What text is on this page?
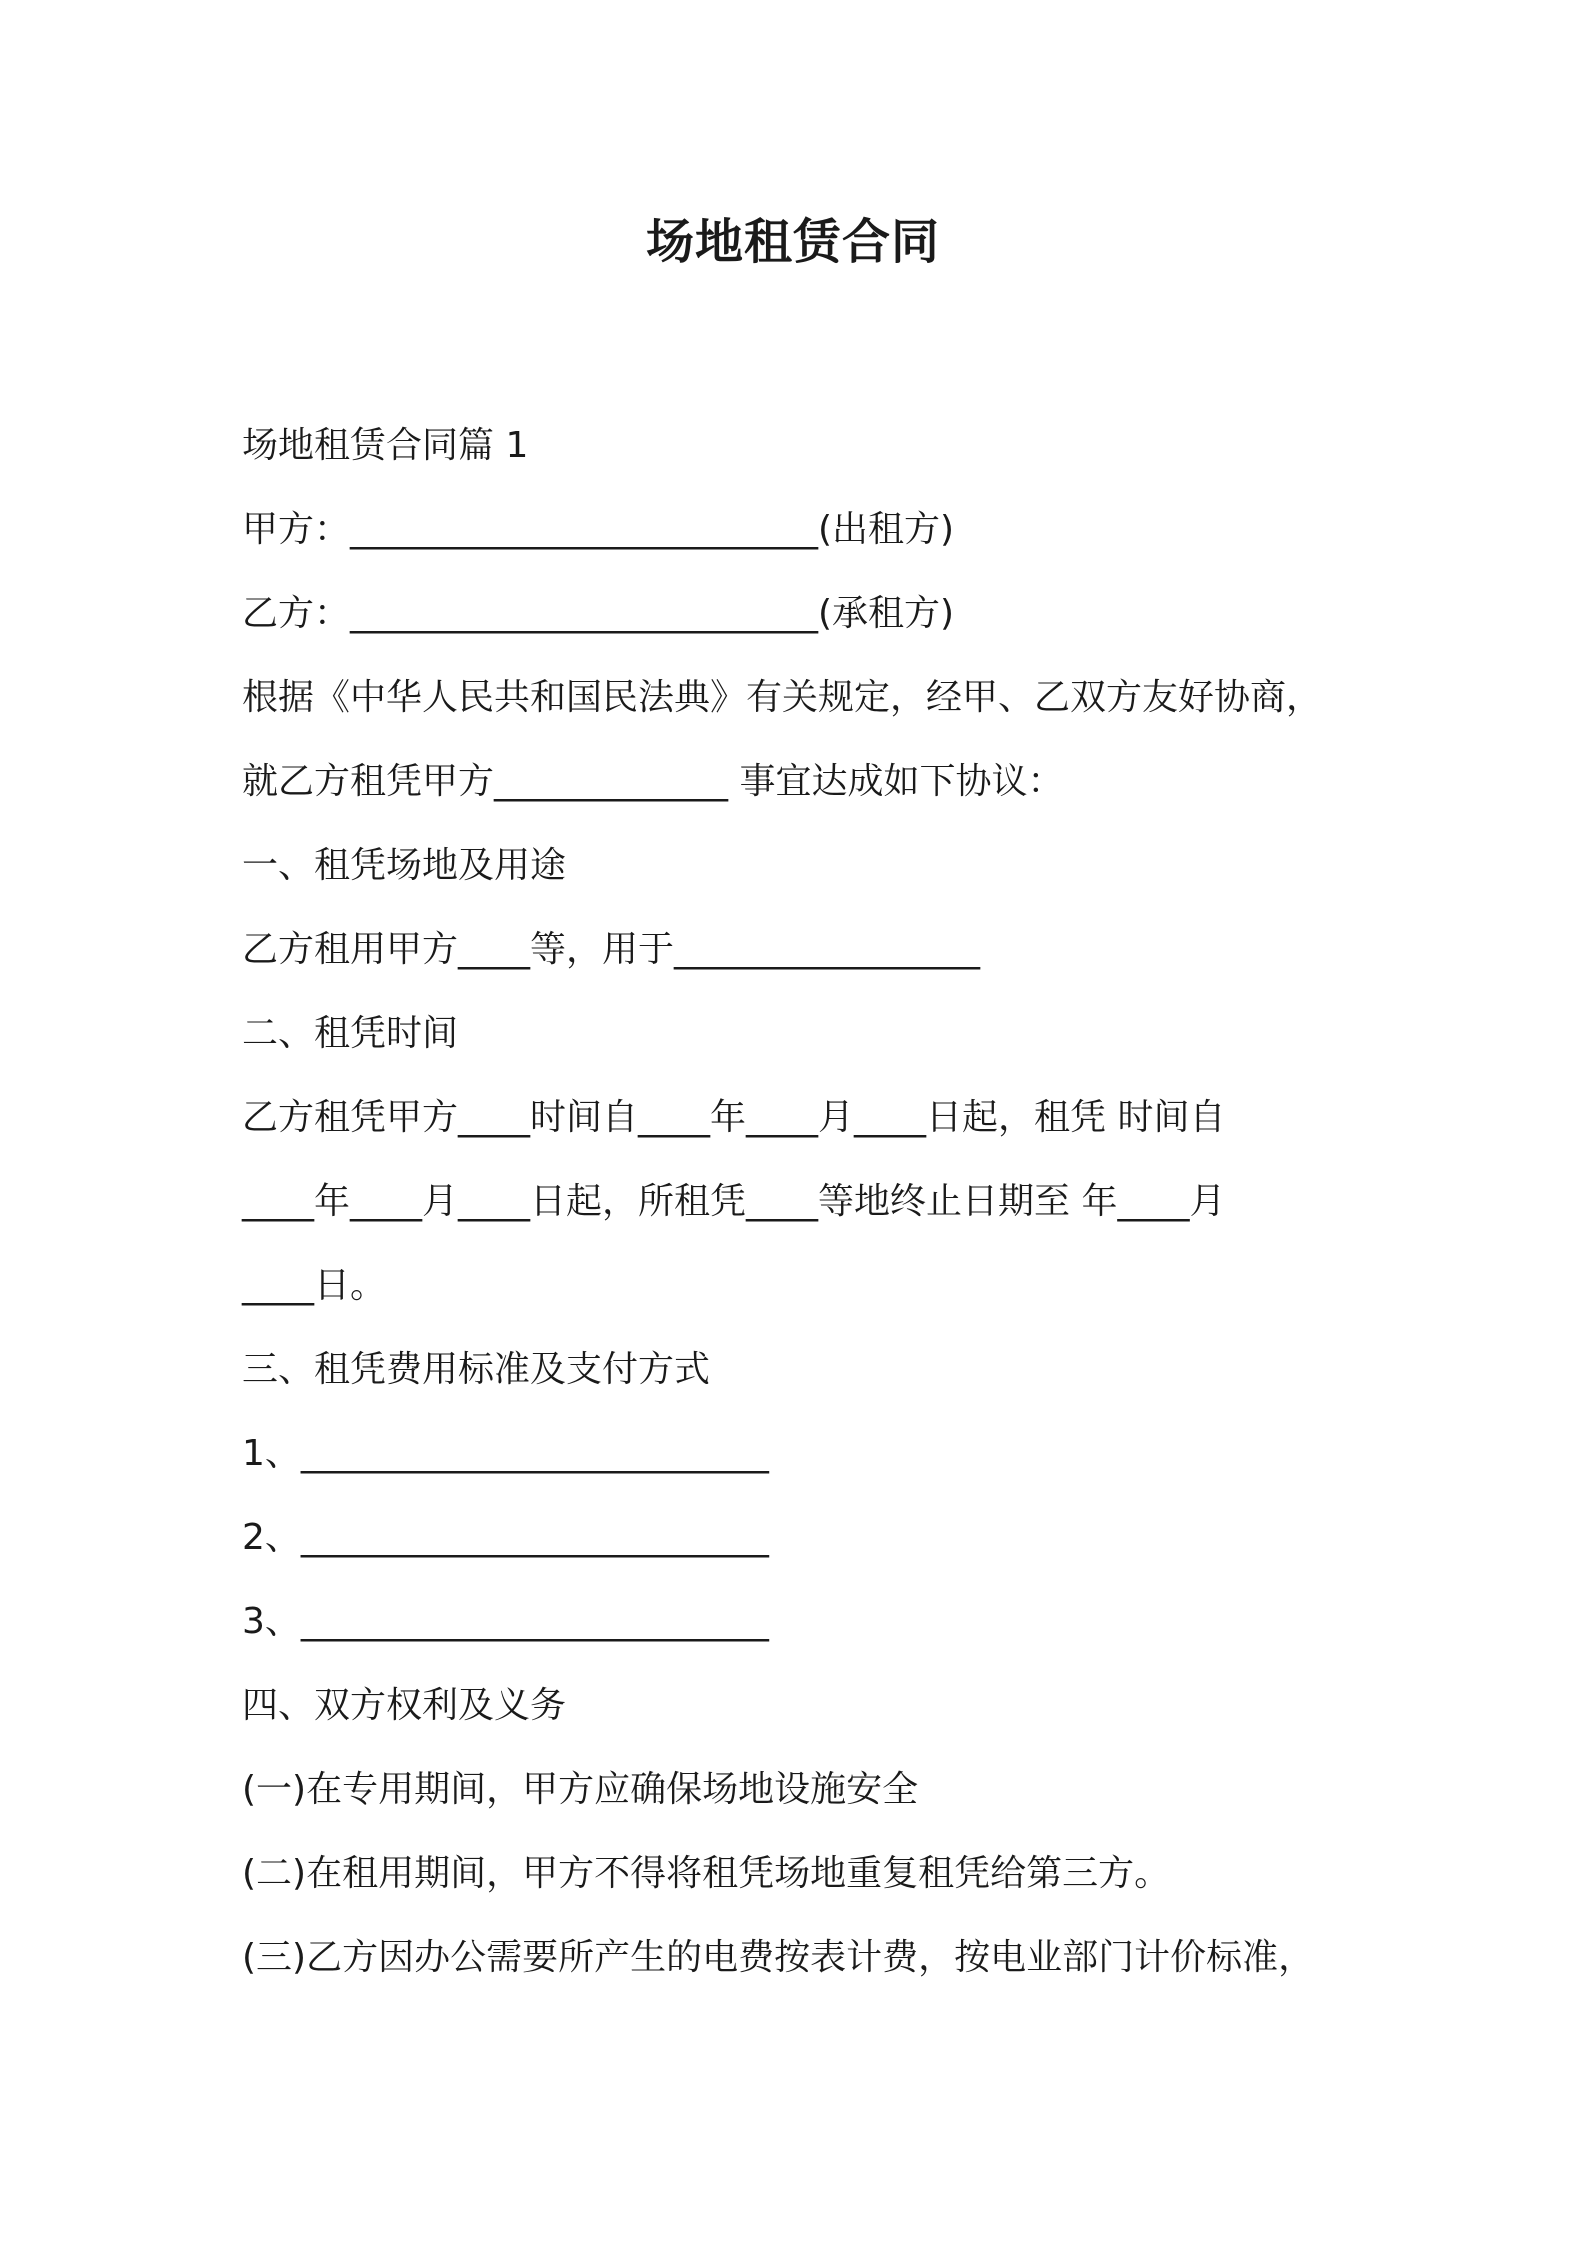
场地租赁合同
场地租赁合同篇 1
甲方：__________________________(出租方)
乙方：__________________________(承租方)
根据《中华人民共和国民法典》有关规定，经甲、乙双方友好协商，
就乙方租凭甲方_____________ 事宜达成如下协议：
一、租凭场地及用途
乙方租用甲方____等，用于_________________
二、租凭时间
乙方租凭甲方____时间自____年____月____日起，租凭 时间自
____年____月____日起，所租凭____等地终止日期至 年____月
____日。
三、租凭费用标准及支付方式
1、__________________________
2、__________________________
3、__________________________
四、双方权利及义务
(一)在专用期间，甲方应确保场地设施安全
(二)在租用期间，甲方不得将租凭场地重复租凭给第三方。
(三)乙方因办公需要所产生的电费按表计费，按电业部门计价标准，
